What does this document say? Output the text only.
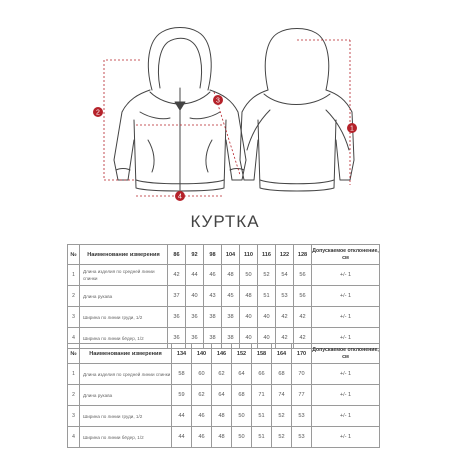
2
3
4
1
КУРТКА
№	Наименование измерения	86	92	98	104	110	116	122	128	Допускаемое отклонение, см
1	Длина изделия по средней линии спинки	42	44	46	48	50	52	54	56	+/- 1
2	Длина рукава	37	40	43	45	48	51	53	56	+/- 1
3	Ширина по линии груди, 1/2	36	36	38	38	40	40	42	42	+/- 1
4	Ширина по линии бёдер, 1/2	36	36	38	38	40	40	42	42	+/- 1
№	Наименование измерения	134	140	146	152	158	164	170	Допускаемое отклонение, см
1	Длина изделия по средней линии спинки	58	60	62	64	66	68	70	+/- 1
2	Длина рукава	59	62	64	68	71	74	77	+/- 1
3	Ширина по линии груди, 1/2	44	46	48	50	51	52	53	+/- 1
4	Ширина по линии бёдер, 1/2	44	46	48	50	51	52	53	+/- 1
